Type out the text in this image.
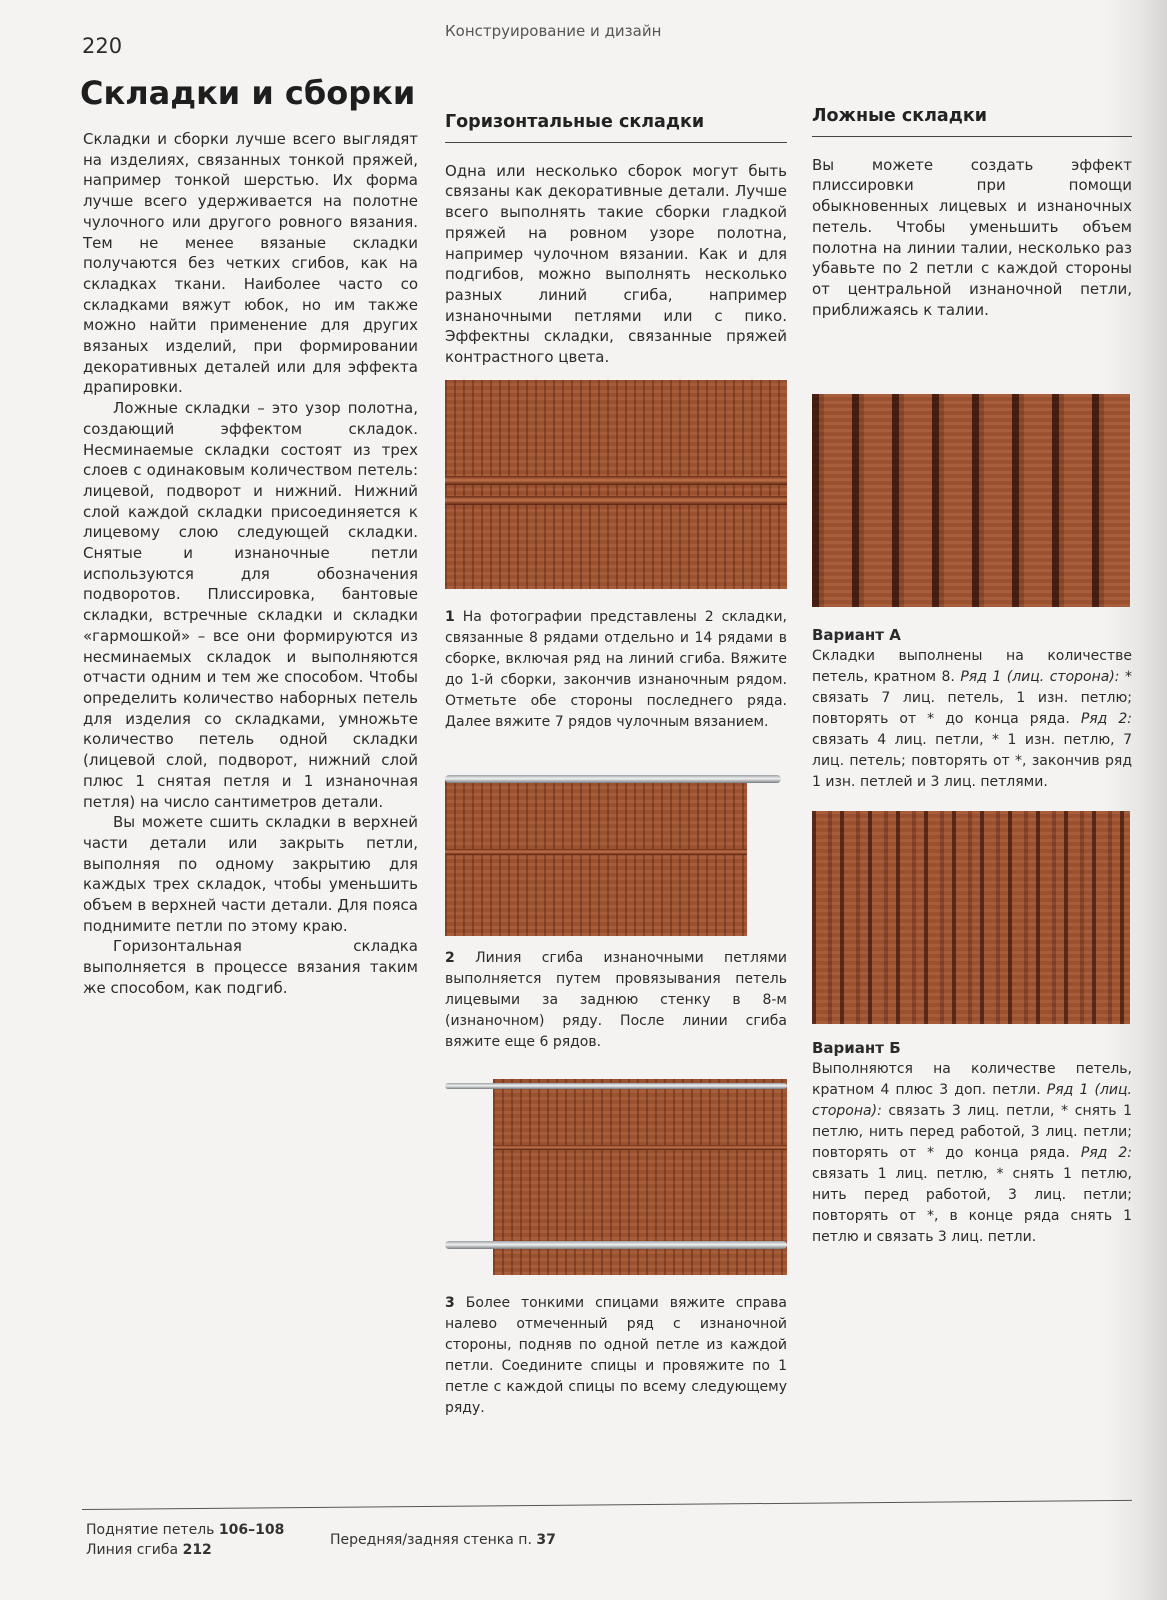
220
Конструирование и дизайн
Складки и сборки

Складки и сборки лучше всего выглядят на изделиях, связанных тонкой пряжей, например тонкой шерстью. Их форма лучше всего удерживается на полотне чулочного или другого ровного вязания. Тем не менее вязаные складки получаются без четких сгибов, как на складках ткани. Наиболее часто со складками вяжут юбок, но им также можно найти применение для других вязаных изделий, при формировании декоративных деталей или для эффекта драпировки.

Ложные складки – это узор полотна, создающий эффектом складок. Несминаемые складки состоят из трех слоев с одинаковым количеством петель: лицевой, подворот и нижний. Нижний слой каждой складки присоединяется к лицевому слою следующей складки. Снятые и изнаночные петли используются для обозначения подворотов. Плиссировка, бантовые складки, встречные складки и складки «гармошкой» – все они формируются из несминаемых складок и выполняются отчасти одним и тем же способом. Чтобы определить количество наборных петель для изделия со складками, умножьте количество петель одной складки (лицевой слой, подворот, нижний слой плюс 1 снятая петля и 1 изнаночная петля) на число сантиметров детали.

Вы можете сшить складки в верхней части детали или закрыть петли, выполняя по одному закрытию для каждых трех складок, чтобы уменьшить объем в верхней части детали. Для пояса поднимите петли по этому краю.

Горизонтальная складка выполняется в процессе вязания таким же способом, как подгиб.

Горизонтальные складки

Одна или несколько сборок могут быть связаны как декоративные детали. Лучше всего выполнять такие сборки гладкой пряжей на ровном узоре полотна, например чулочном вязании. Как и для подгибов, можно выполнять несколько разных линий сгиба, например изнаночными петлями или с пико. Эффектны складки, связанные пряжей контрастного цвета.

1 На фотографии представлены 2 складки, связанные 8 рядами отдельно и 14 рядами в сборке, включая ряд на линий сгиба. Вяжите до 1-й сборки, закончив изнаночным рядом. Отметьте обе стороны последнего ряда. Далее вяжите 7 рядов чулочным вязанием.

2 Линия сгиба изнаночными петлями выполняется путем провязывания петель лицевыми за заднюю стенку в 8-м (изнаночном) ряду. После линии сгиба вяжите еще 6 рядов.

3 Более тонкими спицами вяжите справа налево отмеченный ряд с изнаночной стороны, подняв по одной петле из каждой петли. Соедините спицы и провяжите по 1 петле с каждой спицы по всему следующему ряду.

Ложные складки

Вы можете создать эффект плиссировки при помощи обыкновенных лицевых и изнаночных петель. Чтобы уменьшить объем полотна на линии талии, несколько раз убавьте по 2 петли с каждой стороны от центральной изнаночной петли, приближаясь к талии.

Вариант А

Складки выполнены на количестве петель, кратном 8. Ряд 1 (лиц. сторона): * связать 7 лиц. петель, 1 изн. петлю; повторять от * до конца ряда. Ряд 2: связать 4 лиц. петли, * 1 изн. петлю, 7 лиц. петель; повторять от *, закончив ряд 1 изн. петлей и 3 лиц. петлями.

Вариант Б

Выполняются на количестве петель, кратном 4 плюс 3 доп. петли. Ряд 1 (лиц. сторона): связать 3 лиц. петли, * снять 1 петлю, нить перед работой, 3 лиц. петли; повторять от * до конца ряда. Ряд 2: связать 1 лиц. петлю, * снять 1 петлю, нить перед работой, 3 лиц. петли; повторять от *, в конце ряда снять 1 петлю и связать 3 лиц. петли.

Поднятие петель 106–108
Линия сгиба 212
Передняя/задняя стенка п. 37
